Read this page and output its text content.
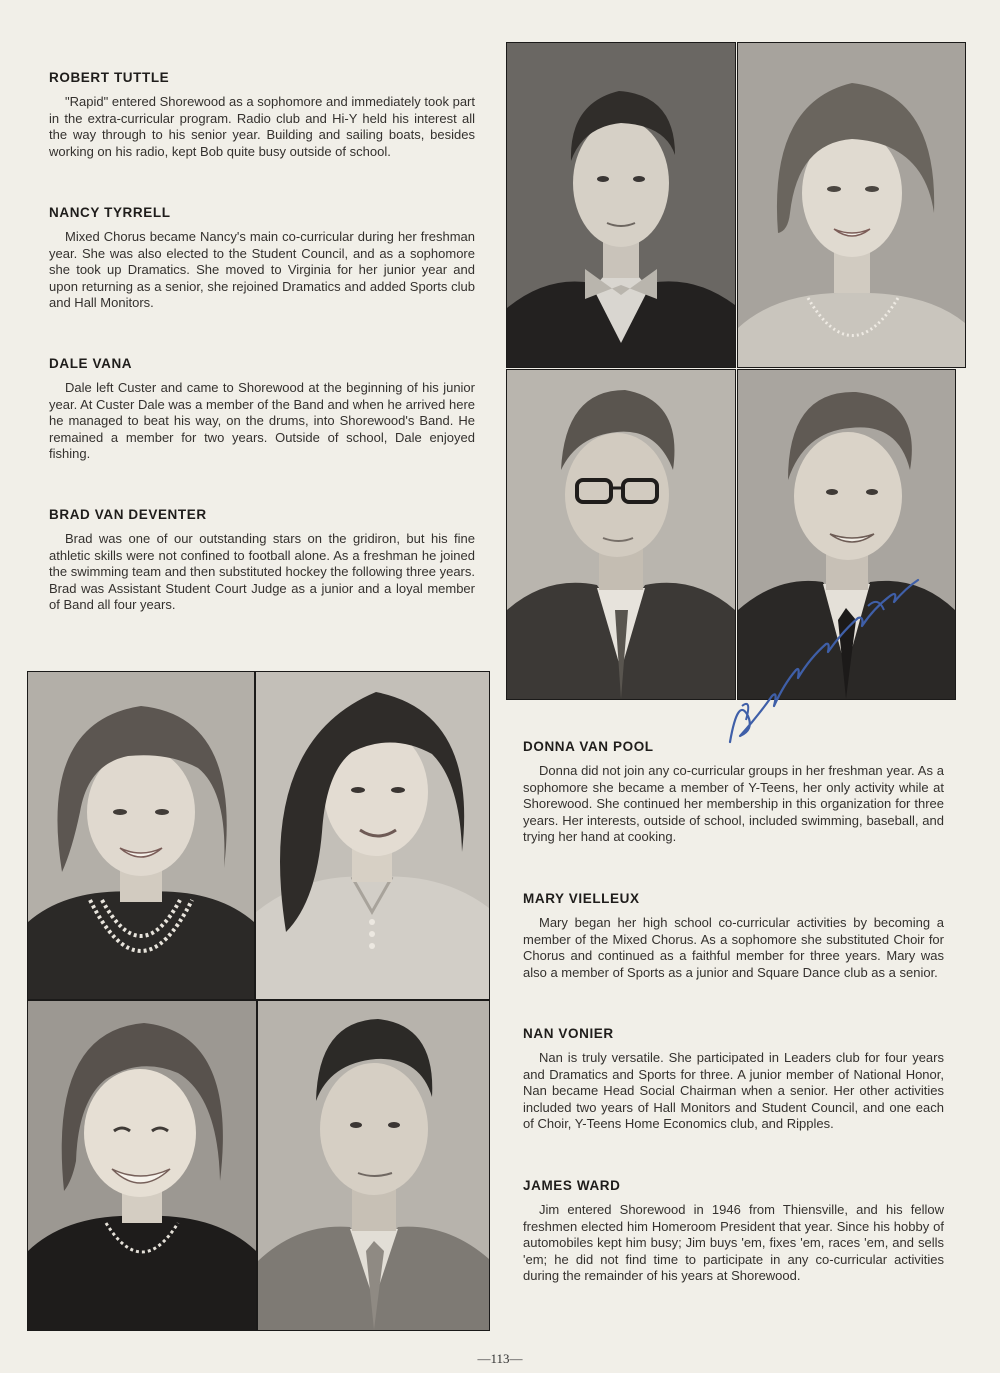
ROBERT TUTTLE

"Rapid" entered Shorewood as a sophomore and immediately took part in the extra-curricular program. Radio club and Hi-Y held his interest all the way through to his senior year. Building and sailing boats, besides working on his radio, kept Bob quite busy outside of school.

NANCY TYRRELL

Mixed Chorus became Nancy's main co-curricular during her freshman year. She was also elected to the Student Council, and as a sophomore she took up Dramatics. She moved to Virginia for her junior year and upon returning as a senior, she rejoined Dramatics and added Sports club and Hall Monitors.

DALE VANA

Dale left Custer and came to Shorewood at the beginning of his junior year. At Custer Dale was a member of the Band and when he arrived here he managed to beat his way, on the drums, into Shorewood's Band. He remained a member for two years. Outside of school, Dale enjoyed fishing.

BRAD VAN DEVENTER

Brad was one of our outstanding stars on the gridiron, but his fine athletic skills were not confined to football alone. As a freshman he joined the swimming team and then substituted hockey the following three years. Brad was Assistant Student Court Judge as a junior and a loyal member of Band all four years.

DONNA VAN POOL

Donna did not join any co-curricular groups in her freshman year. As a sophomore she became a member of Y-Teens, her only activity while at Shorewood. She continued her membership in this organization for three years. Her interests, outside of school, included swimming, baseball, and trying her hand at cooking.

MARY VIELLEUX

Mary began her high school co-curricular activities by becoming a member of the Mixed Chorus. As a sophomore she substituted Choir for Chorus and continued as a faithful member for three years. Mary was also a member of Sports as a junior and Square Dance club as a senior.

NAN VONIER

Nan is truly versatile. She participated in Leaders club for four years and Dramatics and Sports for three. A junior member of National Honor, Nan became Head Social Chairman when a senior. Her other activities included two years of Hall Monitors and Student Council, and one each of Choir, Y-Teens Home Economics club, and Ripples.

JAMES WARD

Jim entered Shorewood in 1946 from Thiensville, and his fellow freshmen elected him Homeroom President that year. Since his hobby of automobiles kept him busy; Jim buys 'em, fixes 'em, races 'em, and sells 'em; he did not find time to participate in any co-curricular activities during the remainder of his years at Shorewood.

—113—
